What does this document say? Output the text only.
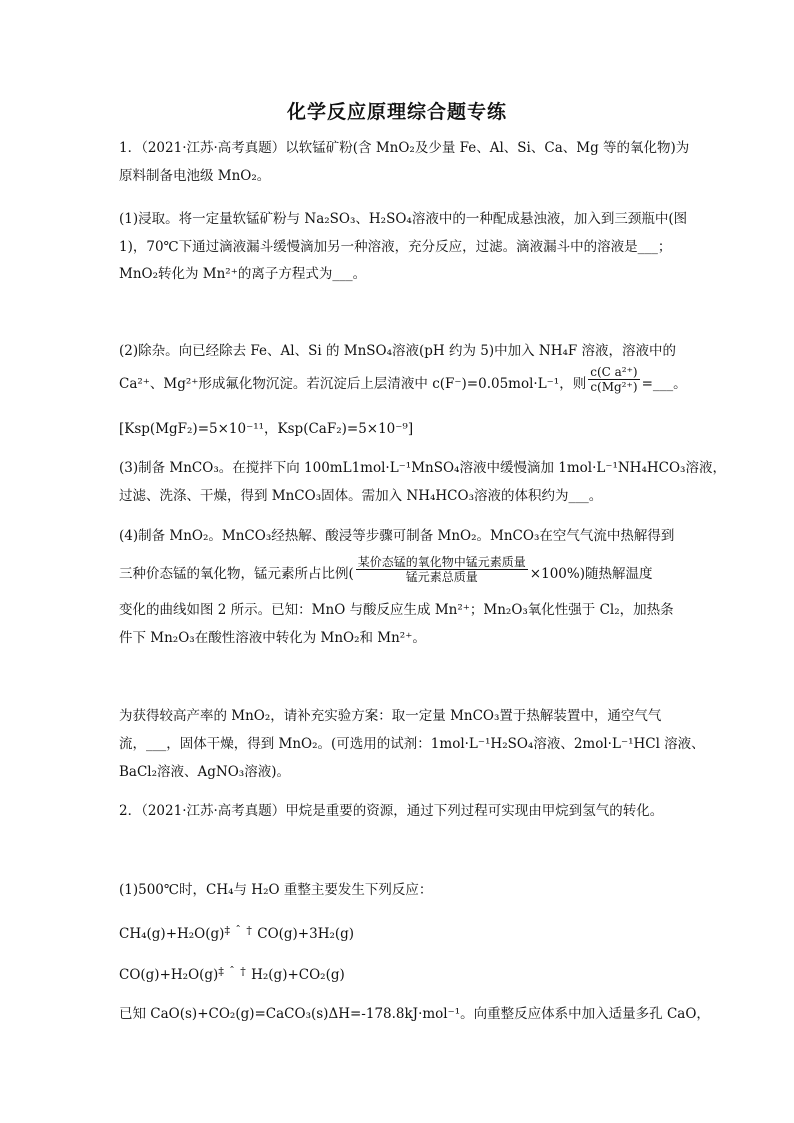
化学反应原理综合题专练
1．（2021·江苏·高考真题）以软锰矿粉(含 MnO₂及少量 Fe、Al、Si、Ca、Mg 等的氧化物)为
原料制备电池级 MnO₂。
(1)浸取。将一定量软锰矿粉与 Na₂SO₃、H₂SO₄溶液中的一种配成悬浊液，加入到三颈瓶中(图
1)，70℃下通过滴液漏斗缓慢滴加另一种溶液，充分反应，过滤。滴液漏斗中的溶液是___；
MnO₂转化为 Mn²⁺的离子方程式为___。
(2)除杂。向已经除去 Fe、Al、Si 的 MnSO₄溶液(pH 约为 5)中加入 NH₄F 溶液，溶液中的
Ca²⁺、Mg²⁺形成氟化物沉淀。若沉淀后上层清液中 c(F⁻)=0.05mol·L⁻¹，则 $\frac{\text{c(C a²⁺)}}{\text{c(Mg²⁺)}}$ =___。
[Ksp(MgF₂)=5×10⁻¹¹，Ksp(CaF₂)=5×10⁻⁹]
(3)制备 MnCO₃。在搅拌下向 100mL1mol·L⁻¹MnSO₄溶液中缓慢滴加 1mol·L⁻¹NH₄HCO₃溶液，
过滤、洗涤、干燥，得到 MnCO₃固体。需加入 NH₄HCO₃溶液的体积约为___。
(4)制备 MnO₂。MnCO₃经热解、酸浸等步骤可制备 MnO₂。MnCO₃在空气气流中热解得到
三种价态锰的氧化物，锰元素所占比例( $\frac{\text{某价态锰的氧化物中锰元素质量}}{\text{锰元素总质量}} \times 100\%$)随热解温度
变化的曲线如图 2 所示。已知：MnO 与酸反应生成 Mn²⁺；Mn₂O₃氧化性强于 Cl₂，加热条
件下 Mn₂O₃在酸性溶液中转化为 MnO₂和 Mn²⁺。
为获得较高产率的 MnO₂，请补充实验方案：取一定量 MnCO₃置于热解装置中，通空气气
流，___，固体干燥，得到 MnO₂。(可选用的试剂：1mol·L⁻¹H₂SO₄溶液、2mol·L⁻¹HCl 溶液、
BaCl₂溶液、AgNO₃溶液)。
2．（2021·江苏·高考真题）甲烷是重要的资源，通过下列过程可实现由甲烷到氢气的转化。
(1)500℃时，CH₄与 H₂O 重整主要发生下列反应：
CH₄(g)+H₂O(g)‡ ˆ † CO(g)+3H₂(g)
CO(g)+H₂O(g)‡ ˆ † H₂(g)+CO₂(g)
已知 CaO(s)+CO₂(g)=CaCO₃(s)ΔH=-178.8kJ·mol⁻¹。向重整反应体系中加入适量多孔 CaO，
